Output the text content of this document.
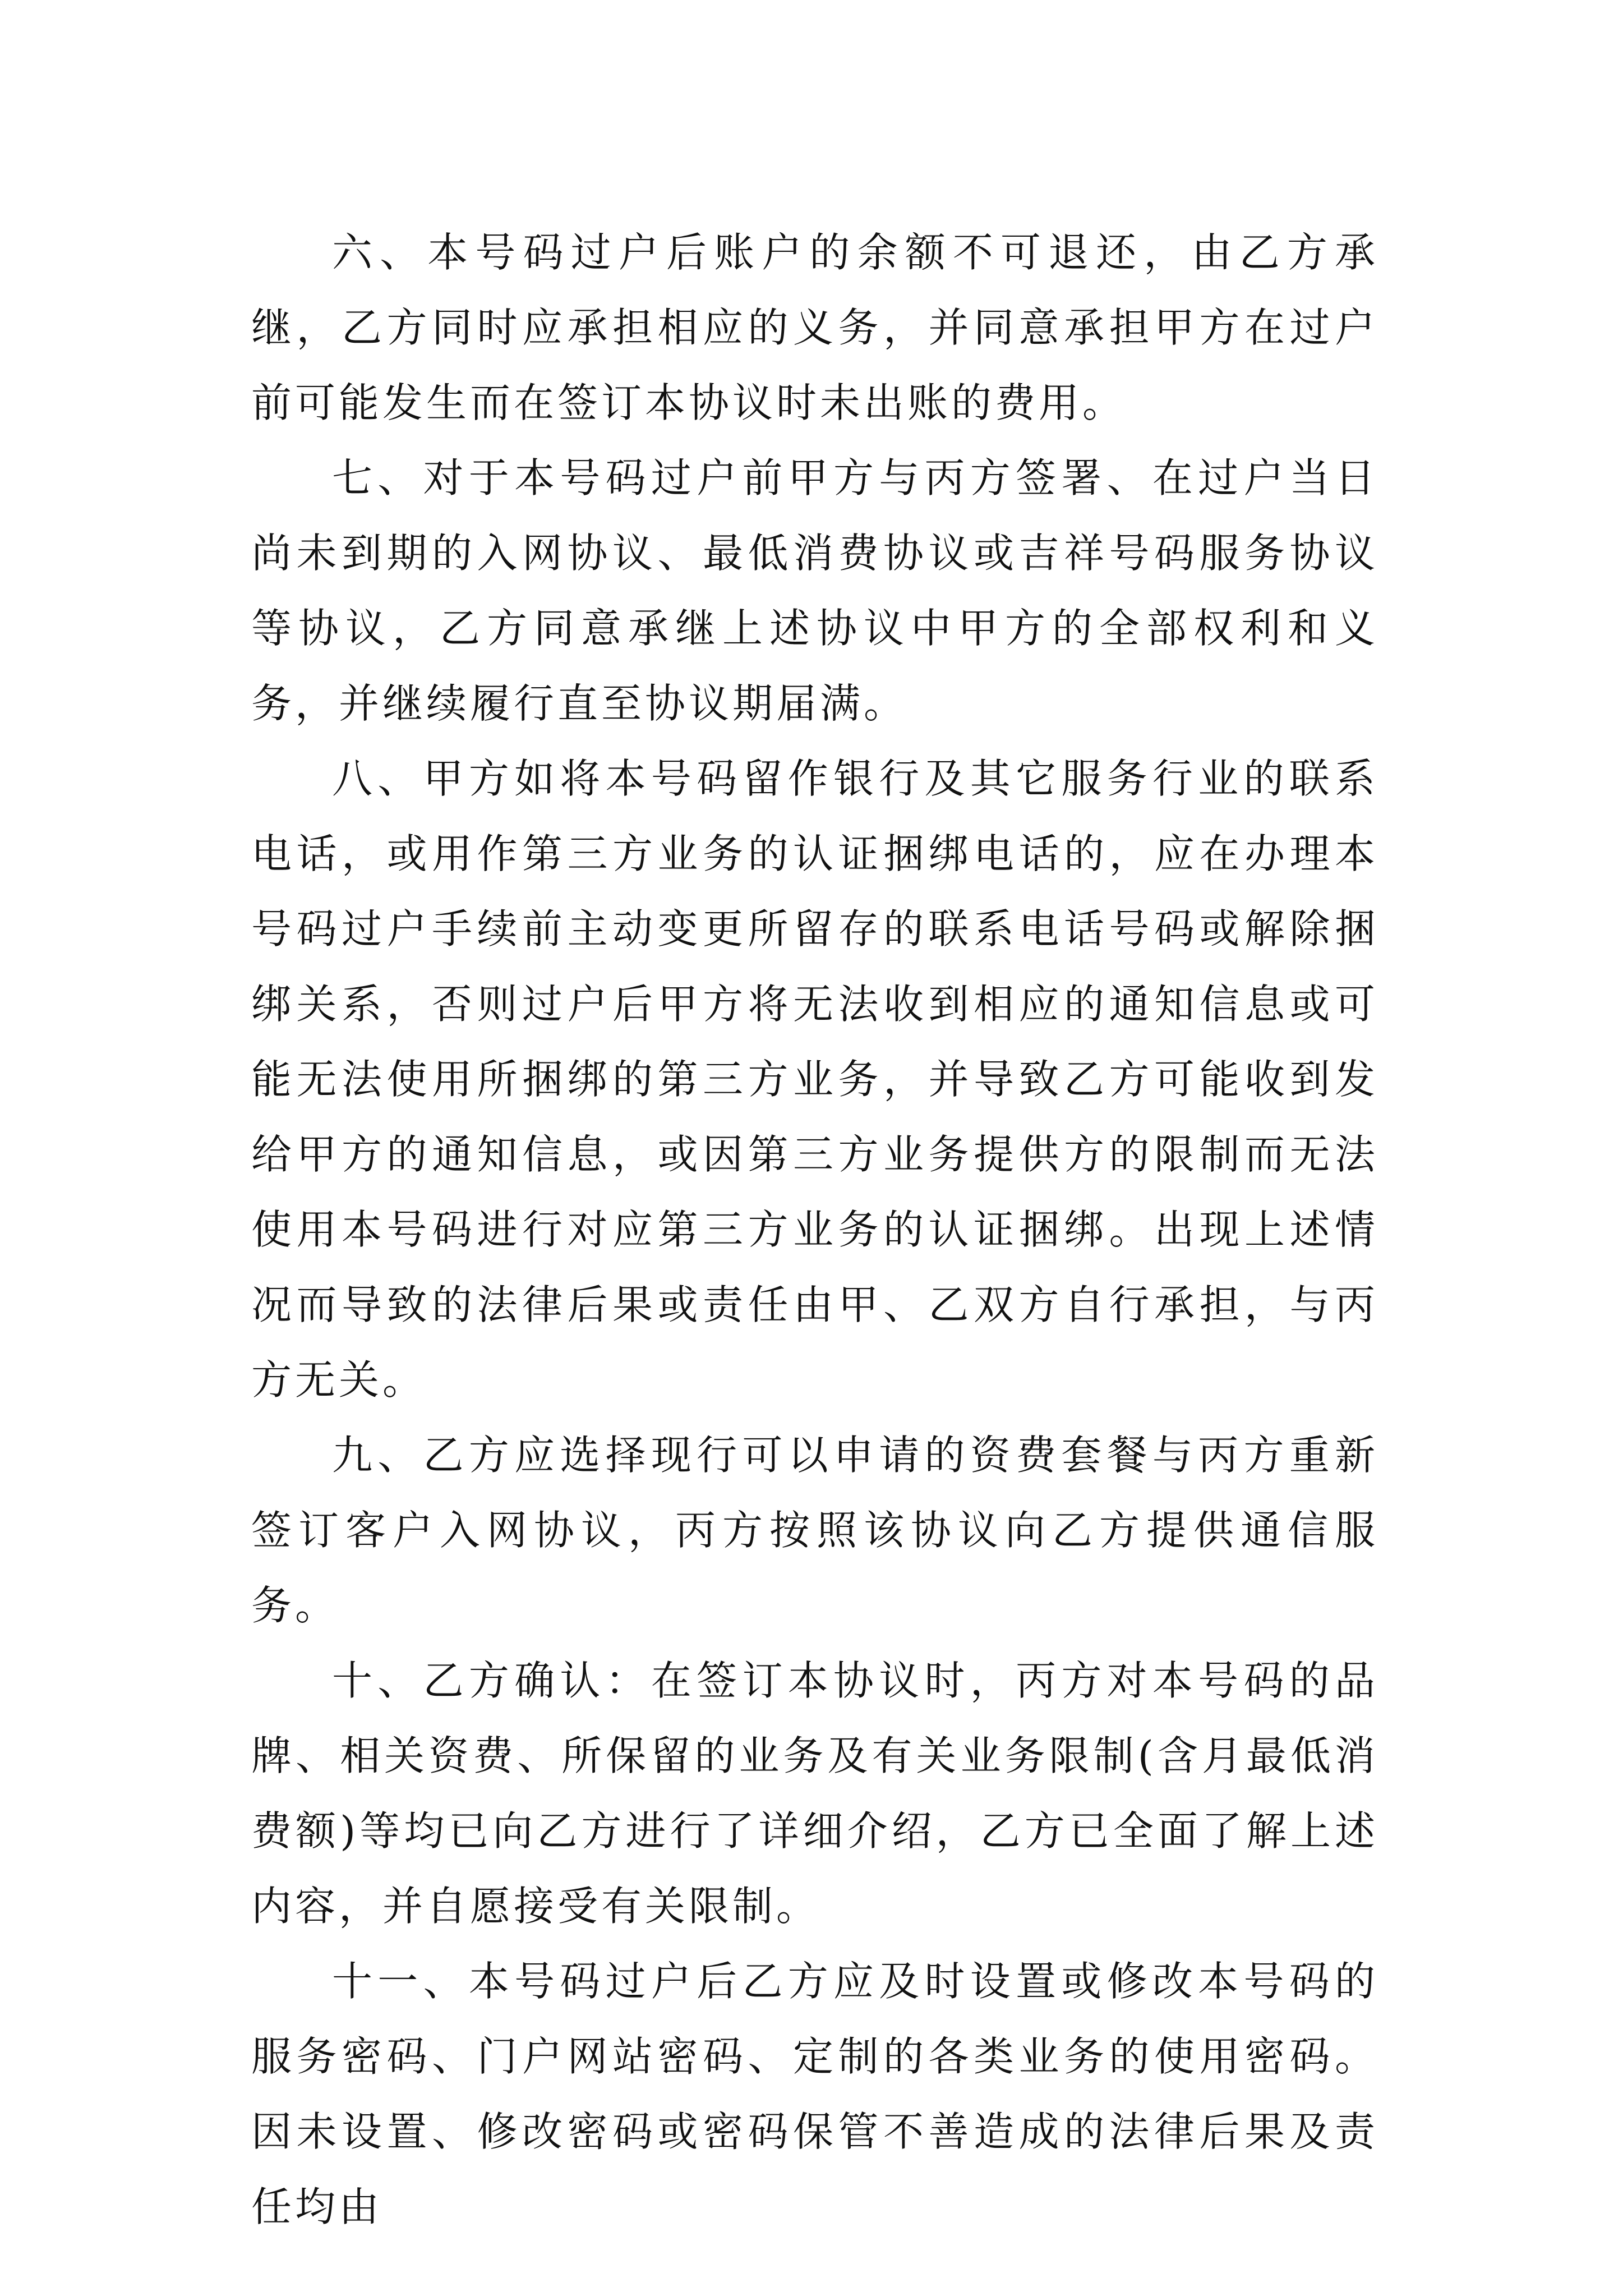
六、本号码过户后账户的余额不可退还，由乙方承继，乙方同时应承担相应的义务，并同意承担甲方在过户前可能发生而在签订本协议时未出账的费用。

七、对于本号码过户前甲方与丙方签署、在过户当日尚未到期的入网协议、最低消费协议或吉祥号码服务协议等协议，乙方同意承继上述协议中甲方的全部权利和义务，并继续履行直至协议期届满。

八、甲方如将本号码留作银行及其它服务行业的联系电话，或用作第三方业务的认证捆绑电话的，应在办理本号码过户手续前主动变更所留存的联系电话号码或解除捆绑关系，否则过户后甲方将无法收到相应的通知信息或可能无法使用所捆绑的第三方业务，并导致乙方可能收到发给甲方的通知信息，或因第三方业务提供方的限制而无法使用本号码进行对应第三方业务的认证捆绑。出现上述情况而导致的法律后果或责任由甲、乙双方自行承担，与丙方无关。

九、乙方应选择现行可以申请的资费套餐与丙方重新签订客户入网协议，丙方按照该协议向乙方提供通信服务。

十、乙方确认：在签订本协议时，丙方对本号码的品牌、相关资费、所保留的业务及有关业务限制(含月最低消费额)等均已向乙方进行了详细介绍，乙方已全面了解上述内容，并自愿接受有关限制。

十一、本号码过户后乙方应及时设置或修改本号码的服务密码、门户网站密码、定制的各类业务的使用密码。因未设置、修改密码或密码保管不善造成的法律后果及责任均由
